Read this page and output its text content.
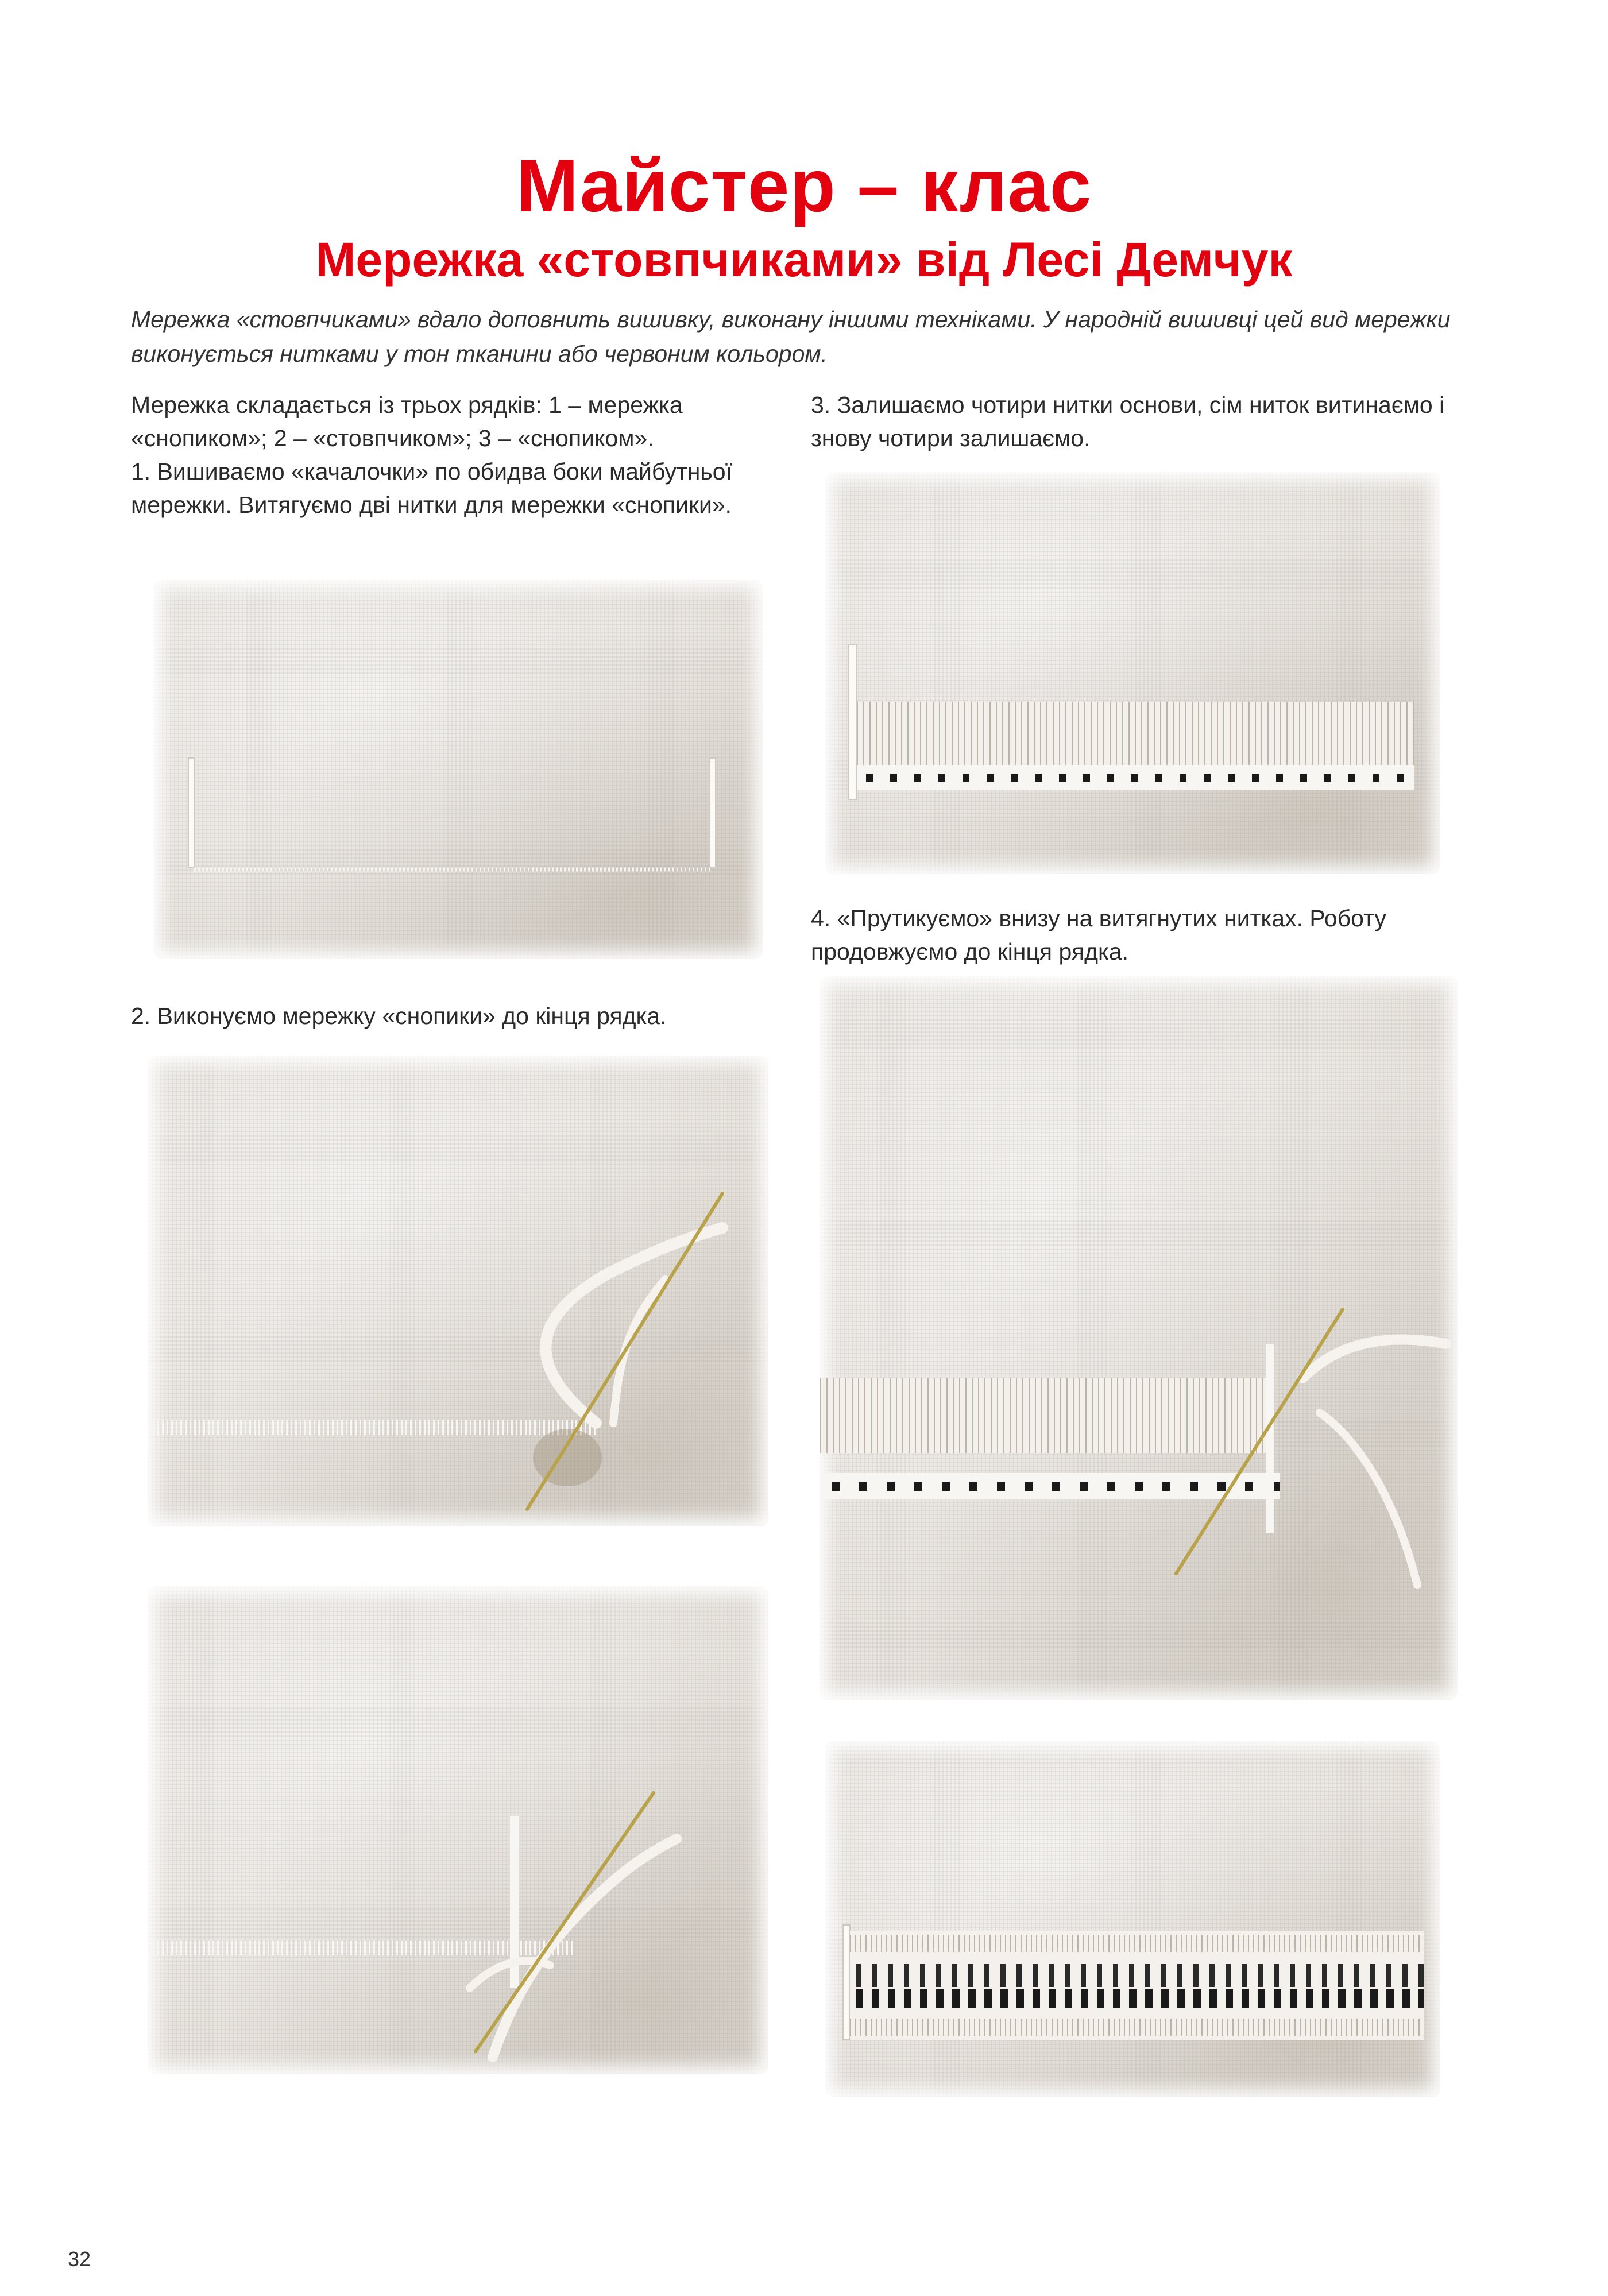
Майстер – клас
Мережка «стовпчиками» від Лесі Демчук

Мережка «стовпчиками» вдало доповнить вишивку, виконану іншими техніками. У народній вишивці цей вид мережки виконується нитками у тон тканини або червоним кольором.

Мережка складається із трьох рядків: 1 – мережка «снопиком»; 2 – «стовпчиком»; 3 – «снопиком».

1. Вишиваємо «качалочки» по обидва боки майбутньої мережки. Витягуємо дві нитки для мережки «снопики».

2. Виконуємо мережку «снопики» до кінця рядка.

3. Залишаємо чотири нитки основи, сім ниток витинаємо і знову чотири залишаємо.

4. «Прутикуємо» внизу на витягнутих нитках. Роботу продовжуємо до кінця рядка.

32
